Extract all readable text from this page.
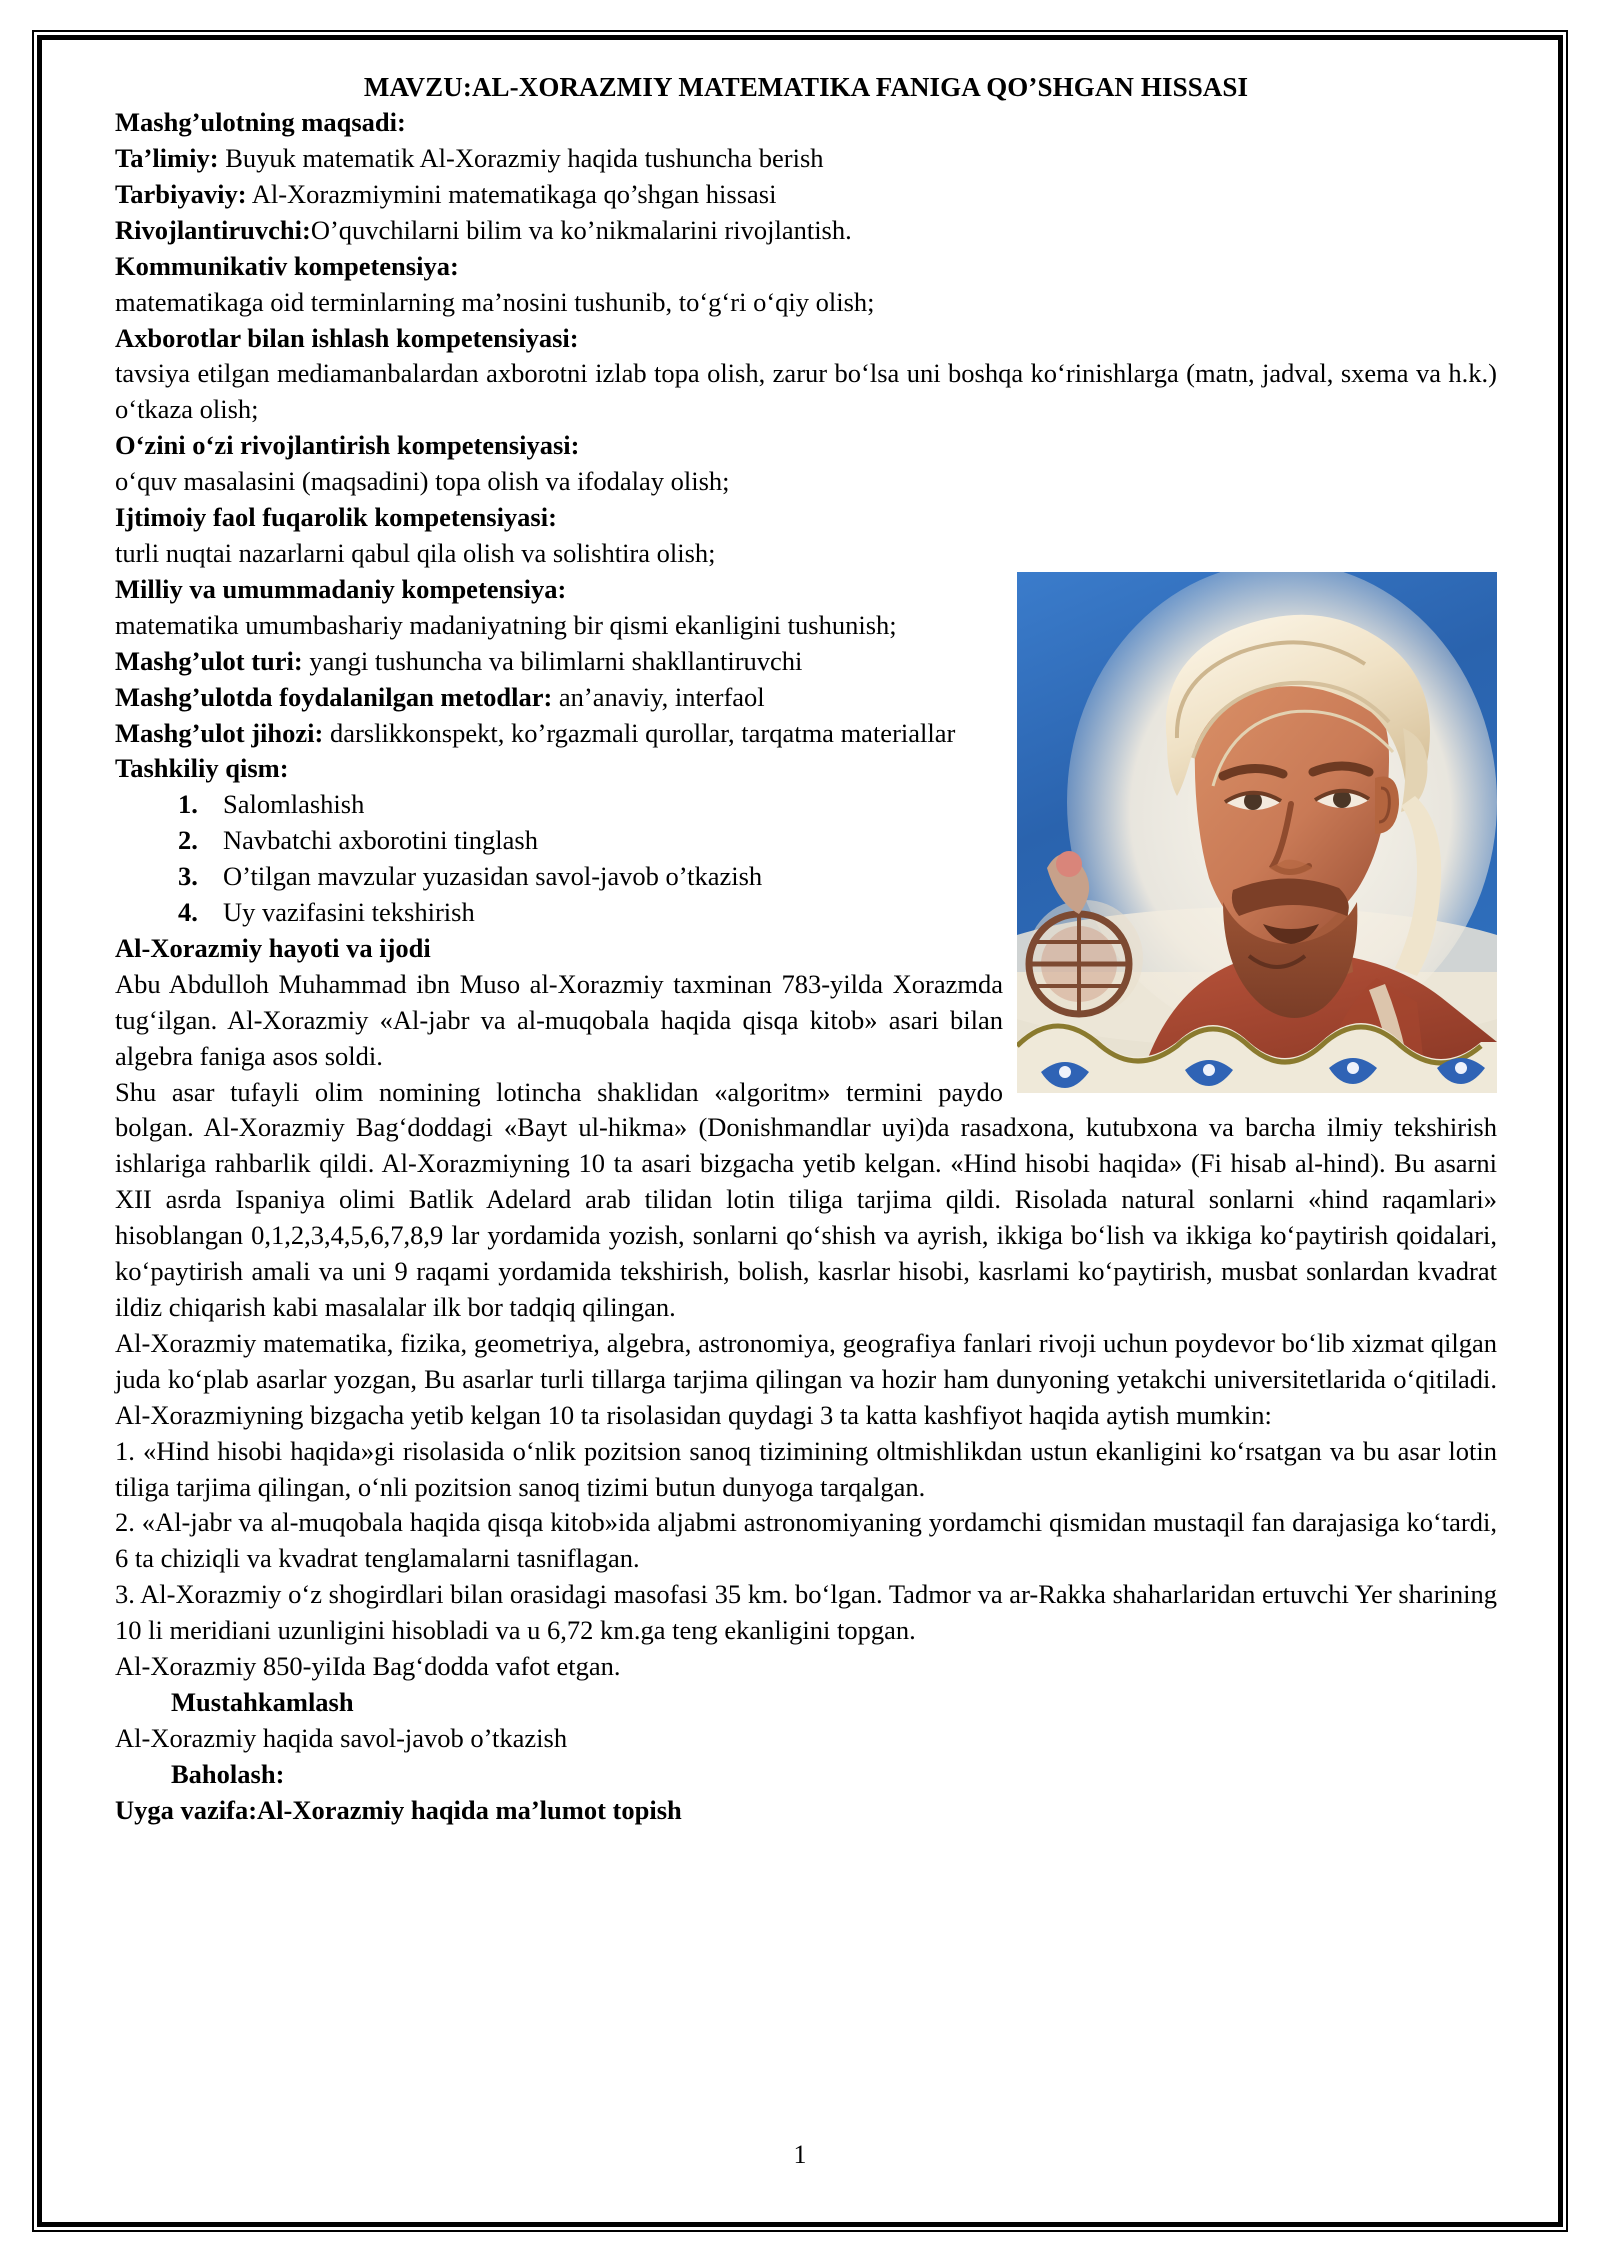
MAVZU:AL-XORAZMIY MATEMATIKA FANIGA QO’SHGAN HISSASI

Mashg’ulotning maqsadi:

Ta’limiy: Buyuk matematik Al-Xorazmiy haqida tushuncha berish

Tarbiyaviy: Al-Xorazmiymini matematikaga qo’shgan hissasi

Rivojlantiruvchi:O’quvchilarni bilim va ko’nikmalarini rivojlantish.

Kommunikativ kompetensiya:

matematikaga oid terminlarning ma’nosini tushunib, to‘g‘ri o‘qiy olish;

Axborotlar bilan ishlash kompetensiyasi:

tavsiya etilgan mediamanbalardan axborotni izlab topa olish, zarur bo‘lsa uni boshqa ko‘rinishlarga (matn, jadval, sxema va h.k.) o‘tkaza olish;

O‘zini o‘zi rivojlantirish kompetensiyasi:

o‘quv masalasini (maqsadini) topa olish va ifodalay olish;

Ijtimoiy faol fuqarolik kompetensiyasi:

turli nuqtai nazarlarni qabul qila olish va solishtira olish;

Milliy va umummadaniy kompetensiya:

matematika umumbashariy madaniyatning bir qismi ekanligini tushunish;

Mashg’ulot turi: yangi tushuncha va bilimlarni shakllantiruvchi

Mashg’ulotda foydalanilgan metodlar: an’anaviy, interfaol

Mashg’ulot jihozi: darslikkonspekt, ko’rgazmali qurollar, tarqatma materiallar

Tashkiliy qism:

1. Salomlashish
2. Navbatchi axborotini tinglash
3. O’tilgan mavzular yuzasidan savol-javob o’tkazish
4. Uy vazifasini tekshirish

Al-Xorazmiy hayoti va ijodi

Abu Abdulloh Muhammad ibn Muso al-Xorazmiy taxminan 783-yilda Xorazmda tug‘ilgan. Al-Xorazmiy «Al-jabr va al-muqobala haqida qisqa kitob» asari bilan algebra faniga asos soldi.

Shu asar tufayli olim nomining lotincha shaklidan «algoritm» termini paydo bolgan. Al-Xorazmiy Bag‘doddagi «Bayt ul-hikma» (Donishmandlar uyi)da rasadxona, kutubxona va barcha ilmiy tekshirish ishlariga rahbarlik qildi. Al-Xorazmiyning 10 ta asari bizgacha yetib kelgan. «Hind hisobi haqida» (Fi hisab al-hind). Bu asarni XII asrda Ispaniya olimi Batlik Adelard arab tilidan lotin tiliga tarjima qildi. Risolada natural sonlarni «hind raqamlari» hisoblangan 0,1,2,3,4,5,6,7,8,9 lar yordamida yozish, sonlarni qo‘shish va ayrish, ikkiga bo‘lish va ikkiga ko‘paytirish qoidalari, ko‘paytirish amali va uni 9 raqami yordamida tekshirish, bolish, kasrlar hisobi, kasrlami ko‘paytirish, musbat sonlardan kvadrat ildiz chiqarish kabi masalalar ilk bor tadqiq qilingan.

Al-Xorazmiy matematika, fizika, geometriya, algebra, astronomiya, geografiya fanlari rivoji uchun poydevor bo‘lib xizmat qilgan juda ko‘plab asarlar yozgan, Bu asarlar turli tillarga tarjima qilingan va hozir ham dunyoning yetakchi universitetlarida o‘qitiladi. Al-Xorazmiyning bizgacha yetib kelgan 10 ta risolasidan quydagi 3 ta katta kashfiyot haqida aytish mumkin:

1. «Hind hisobi haqida»gi risolasida o‘nlik pozitsion sanoq tizimining oltmishlikdan ustun ekanligini ko‘rsatgan va bu asar lotin tiliga tarjima qilingan, o‘nli pozitsion sanoq tizimi butun dunyoga tarqalgan.

2. «Al-jabr va al-muqobala haqida qisqa kitob»ida aljabmi astronomiyaning yordamchi qismidan mustaqil fan darajasiga ko‘tardi, 6 ta chiziqli va kvadrat tenglamalarni tasniflagan.

3. Al-Xorazmiy o‘z shogirdlari bilan orasidagi masofasi 35 km. bo‘lgan. Tadmor va ar-Rakka shaharlaridan ertuvchi Yer sharining 10 li meridiani uzunligini hisobladi va u 6,72 km.ga teng ekanligini topgan.

Al-Xorazmiy 850-yiIda Bag‘dodda vafot etgan.

Mustahkamlash

Al-Xorazmiy haqida savol-javob o’tkazish

Baholash:

Uyga vazifa:Al-Xorazmiy haqida ma’lumot topish

1
